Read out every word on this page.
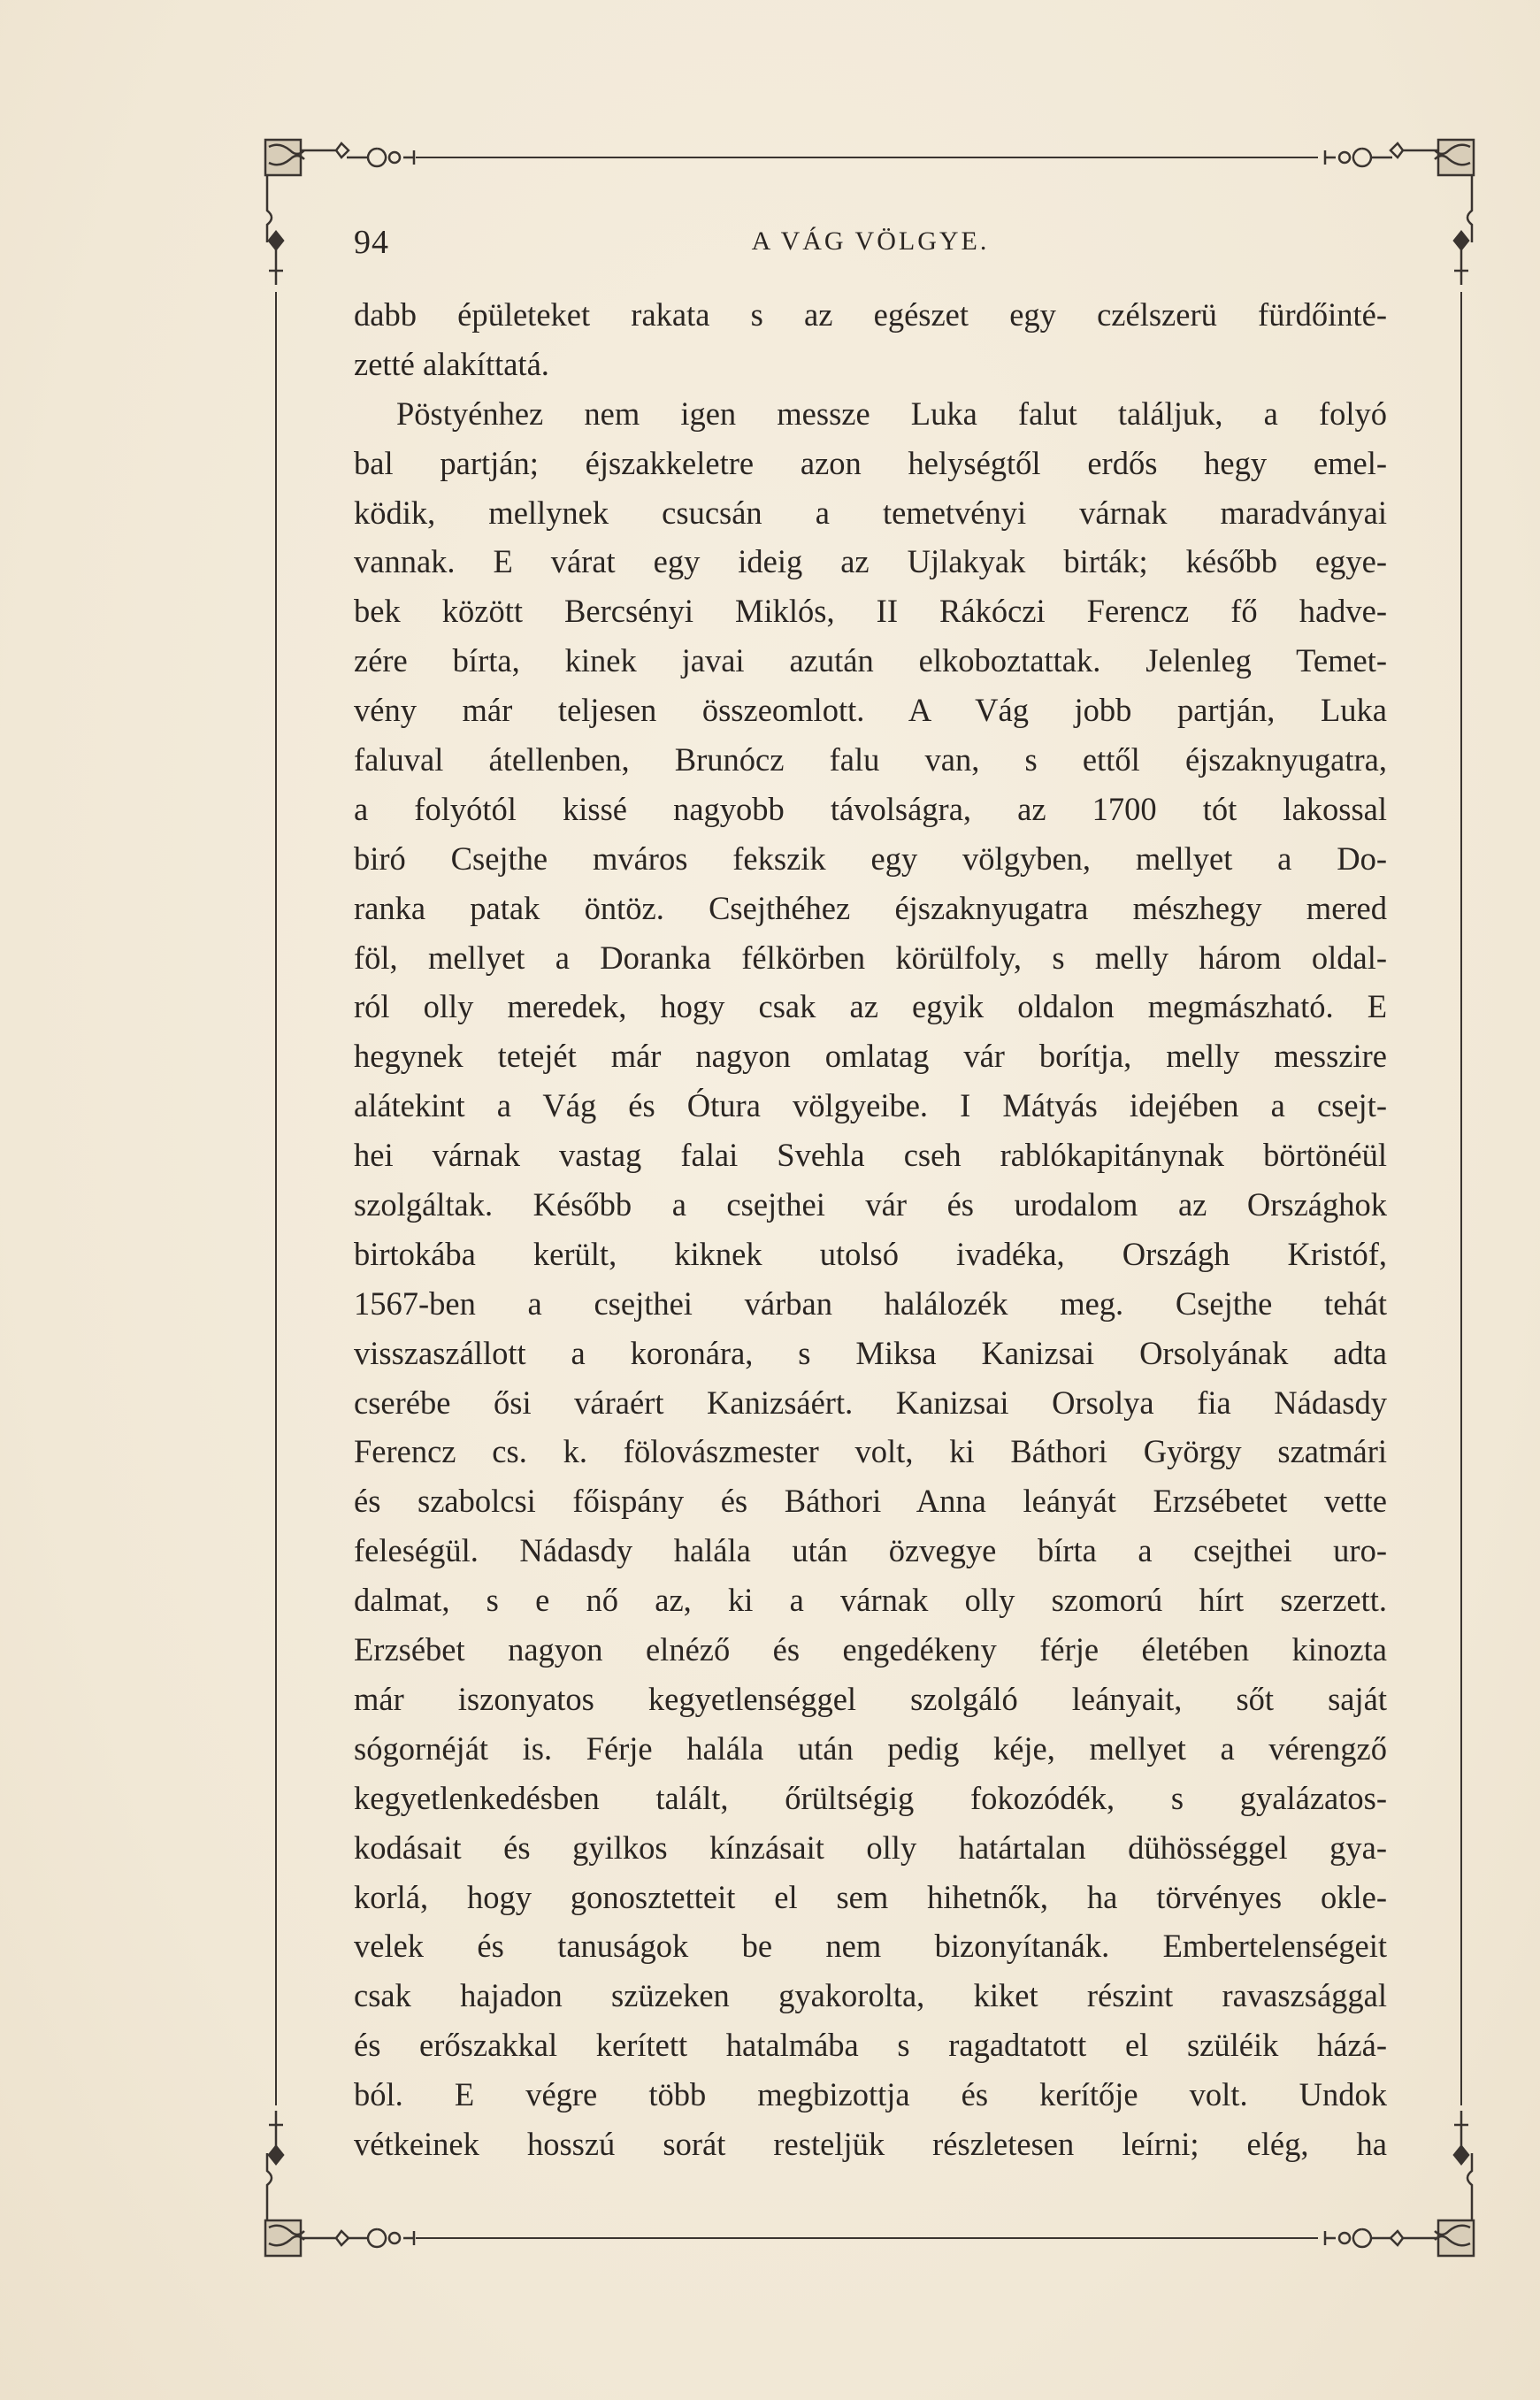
94	A VÁG VÖLGYE.
dabb épületeket rakata s az egészet egy czélszerü fürdőinté-
zetté alakíttatá.
Pöstyénhez nem igen messze Luka falut találjuk, a folyó
bal partján; éjszakkeletre azon helységtől erdős hegy emel-
ködik, mellynek csucsán a temetvényi várnak maradványai
vannak. E várat egy ideig az Ujlakyak birták; később egye-
bek között Bercsényi Miklós, II Rákóczi Ferencz fő hadve-
zére bírta, kinek javai azután elkoboztattak. Jelenleg Temet-
vény már teljesen összeomlott. A Vág jobb partján, Luka
faluval átellenben, Brunócz falu van, s ettől éjszaknyugatra,
a folyótól kissé nagyobb távolságra, az 1700 tót lakossal
biró Csejthe mváros fekszik egy völgyben, mellyet a Do-
ranka patak öntöz. Csejthéhez éjszaknyugatra mészhegy mered
föl, mellyet a Doranka félkörben körülfoly, s melly három oldal-
ról olly meredek, hogy csak az egyik oldalon megmászható. E
hegynek tetejét már nagyon omlatag vár borítja, melly messzire
alátekint a Vág és Ótura völgyeibe. I Mátyás idejében a csejt-
hei várnak vastag falai Svehla cseh rablókapitánynak börtönéül
szolgáltak. Később a csejthei vár és urodalom az Országhok
birtokába került, kiknek utolsó ivadéka, Országh Kristóf,
1567-ben a csejthei várban halálozék meg. Csejthe tehát
visszaszállott a koronára, s Miksa Kanizsai Orsolyának adta
cserébe ősi váraért Kanizsáért. Kanizsai Orsolya fia Nádasdy
Ferencz cs. k. fölovászmester volt, ki Báthori György szatmári
és szabolcsi főispány és Báthori Anna leányát Erzsébetet vette
feleségül. Nádasdy halála után özvegye bírta a csejthei uro-
dalmat, s e nő az, ki a várnak olly szomorú hírt szerzett.
Erzsébet nagyon elnéző és engedékeny férje életében kinozta
már iszonyatos kegyetlenséggel szolgáló leányait, sőt saját
sógornéját is. Férje halála után pedig kéje, mellyet a vérengző
kegyetlenkedésben talált, őrültségig fokozódék, s gyalázatos-
kodásait és gyilkos kínzásait olly határtalan dühösséggel gya-
korlá, hogy gonosztetteit el sem hihetnők, ha törvényes okle-
velek és tanuságok be nem bizonyítanák. Embertelenségeit
csak hajadon szüzeken gyakorolta, kiket részint ravaszsággal
és erőszakkal kerített hatalmába s ragadtatott el szüléik házá-
ból. E végre több megbizottja és kerítője volt. Undok
vétkeinek hosszú sorát resteljük részletesen leírni; elég, ha
